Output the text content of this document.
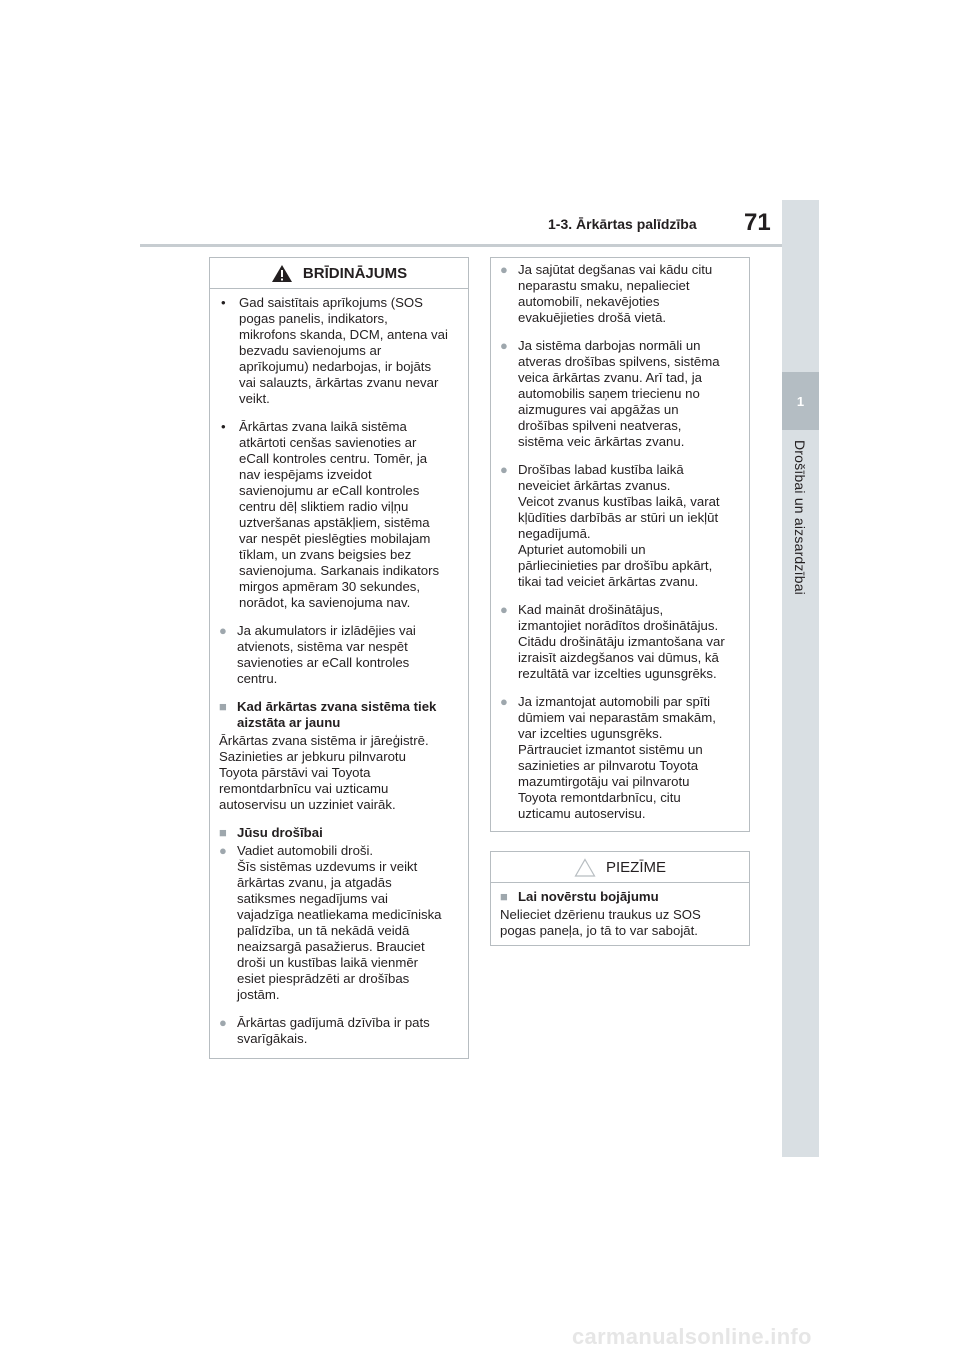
1
Drošībai un aizsardzībai
1-3. Ārkārtas palīdzība 71
BRĪDINĀJUMS
•	Gad saistītais aprīkojums (SOS
pogas panelis, indikators,
mikrofons skanda, DCM, antena vai
bezvadu savienojums ar
aprīkojumu) nedarbojas, ir bojāts
vai salauzts, ārkārtas zvanu nevar
veikt.
•	Ārkārtas zvana laikā sistēma
atkārtoti cenšas savienoties ar
eCall kontroles centru. Tomēr, ja
nav iespējams izveidot
savienojumu ar eCall kontroles
centru dēļ sliktiem radio viļņu
uztveršanas apstākļiem, sistēma
var nespēt pieslēgties mobilajam
tīklam, un zvans beigsies bez
savienojuma. Sarkanais indikators
mirgos apmēram 30 sekundes,
norādot, ka savienojuma nav.
● Ja akumulators ir izlādējies vai
atvienots, sistēma var nespēt
savienoties ar eCall kontroles
centru.
■ Kad ārkārtas zvana sistēma tiek
aizstāta ar jaunu
Ārkārtas zvana sistēma ir jāreģistrē.
Sazinieties ar jebkuru pilnvarotu
Toyota pārstāvi vai Toyota
remontdarbnīcu vai uzticamu
autoservisu un uzziniet vairāk.
■ Jūsu drošībai
● Vadiet automobili droši.
Šīs sistēmas uzdevums ir veikt
ārkārtas zvanu, ja atgadās
satiksmes negadījums vai
vajadzīga neatliekama medicīniska
palīdzība, un tā nekādā veidā
neaizsargā pasažierus. Brauciet
droši un kustības laikā vienmēr
esiet piesprādzēti ar drošības
jostām.
● Ārkārtas gadījumā dzīvība ir pats
svarīgākais.
● Ja sajūtat degšanas vai kādu citu
neparastu smaku, nepalieciet
automobilī, nekavējoties
evakuējieties drošā vietā.
● Ja sistēma darbojas normāli un
atveras drošības spilvens, sistēma
veica ārkārtas zvanu. Arī tad, ja
automobilis saņem triecienu no
aizmugures vai apgāžas un
drošības spilveni neatveras,
sistēma veic ārkārtas zvanu.
● Drošības labad kustība laikā
neveiciet ārkārtas zvanus.
Veicot zvanus kustības laikā, varat
kļūdīties darbībās ar stūri un iekļūt
negadījumā.
Apturiet automobili un
pārliecinieties par drošību apkārt,
tikai tad veiciet ārkārtas zvanu.
● Kad maināt drošinātājus,
izmantojiet norādītos drošinātājus.
Citādu drošinātāju izmantošana var
izraisīt aizdegšanos vai dūmus, kā
rezultātā var izcelties ugunsgrēks.
● Ja izmantojat automobili par spīti
dūmiem vai neparastām smakām,
var izcelties ugunsgrēks.
Pārtrauciet izmantot sistēmu un
sazinieties ar pilnvarotu Toyota
mazumtirgotāju vai pilnvarotu
Toyota remontdarbnīcu, citu
uzticamu autoservisu.
PIEZĪME
■ Lai novērstu bojājumu
Nelieciet dzērienu traukus uz SOS
pogas paneļa, jo tā to var sabojāt.
carmanualsonline.info
